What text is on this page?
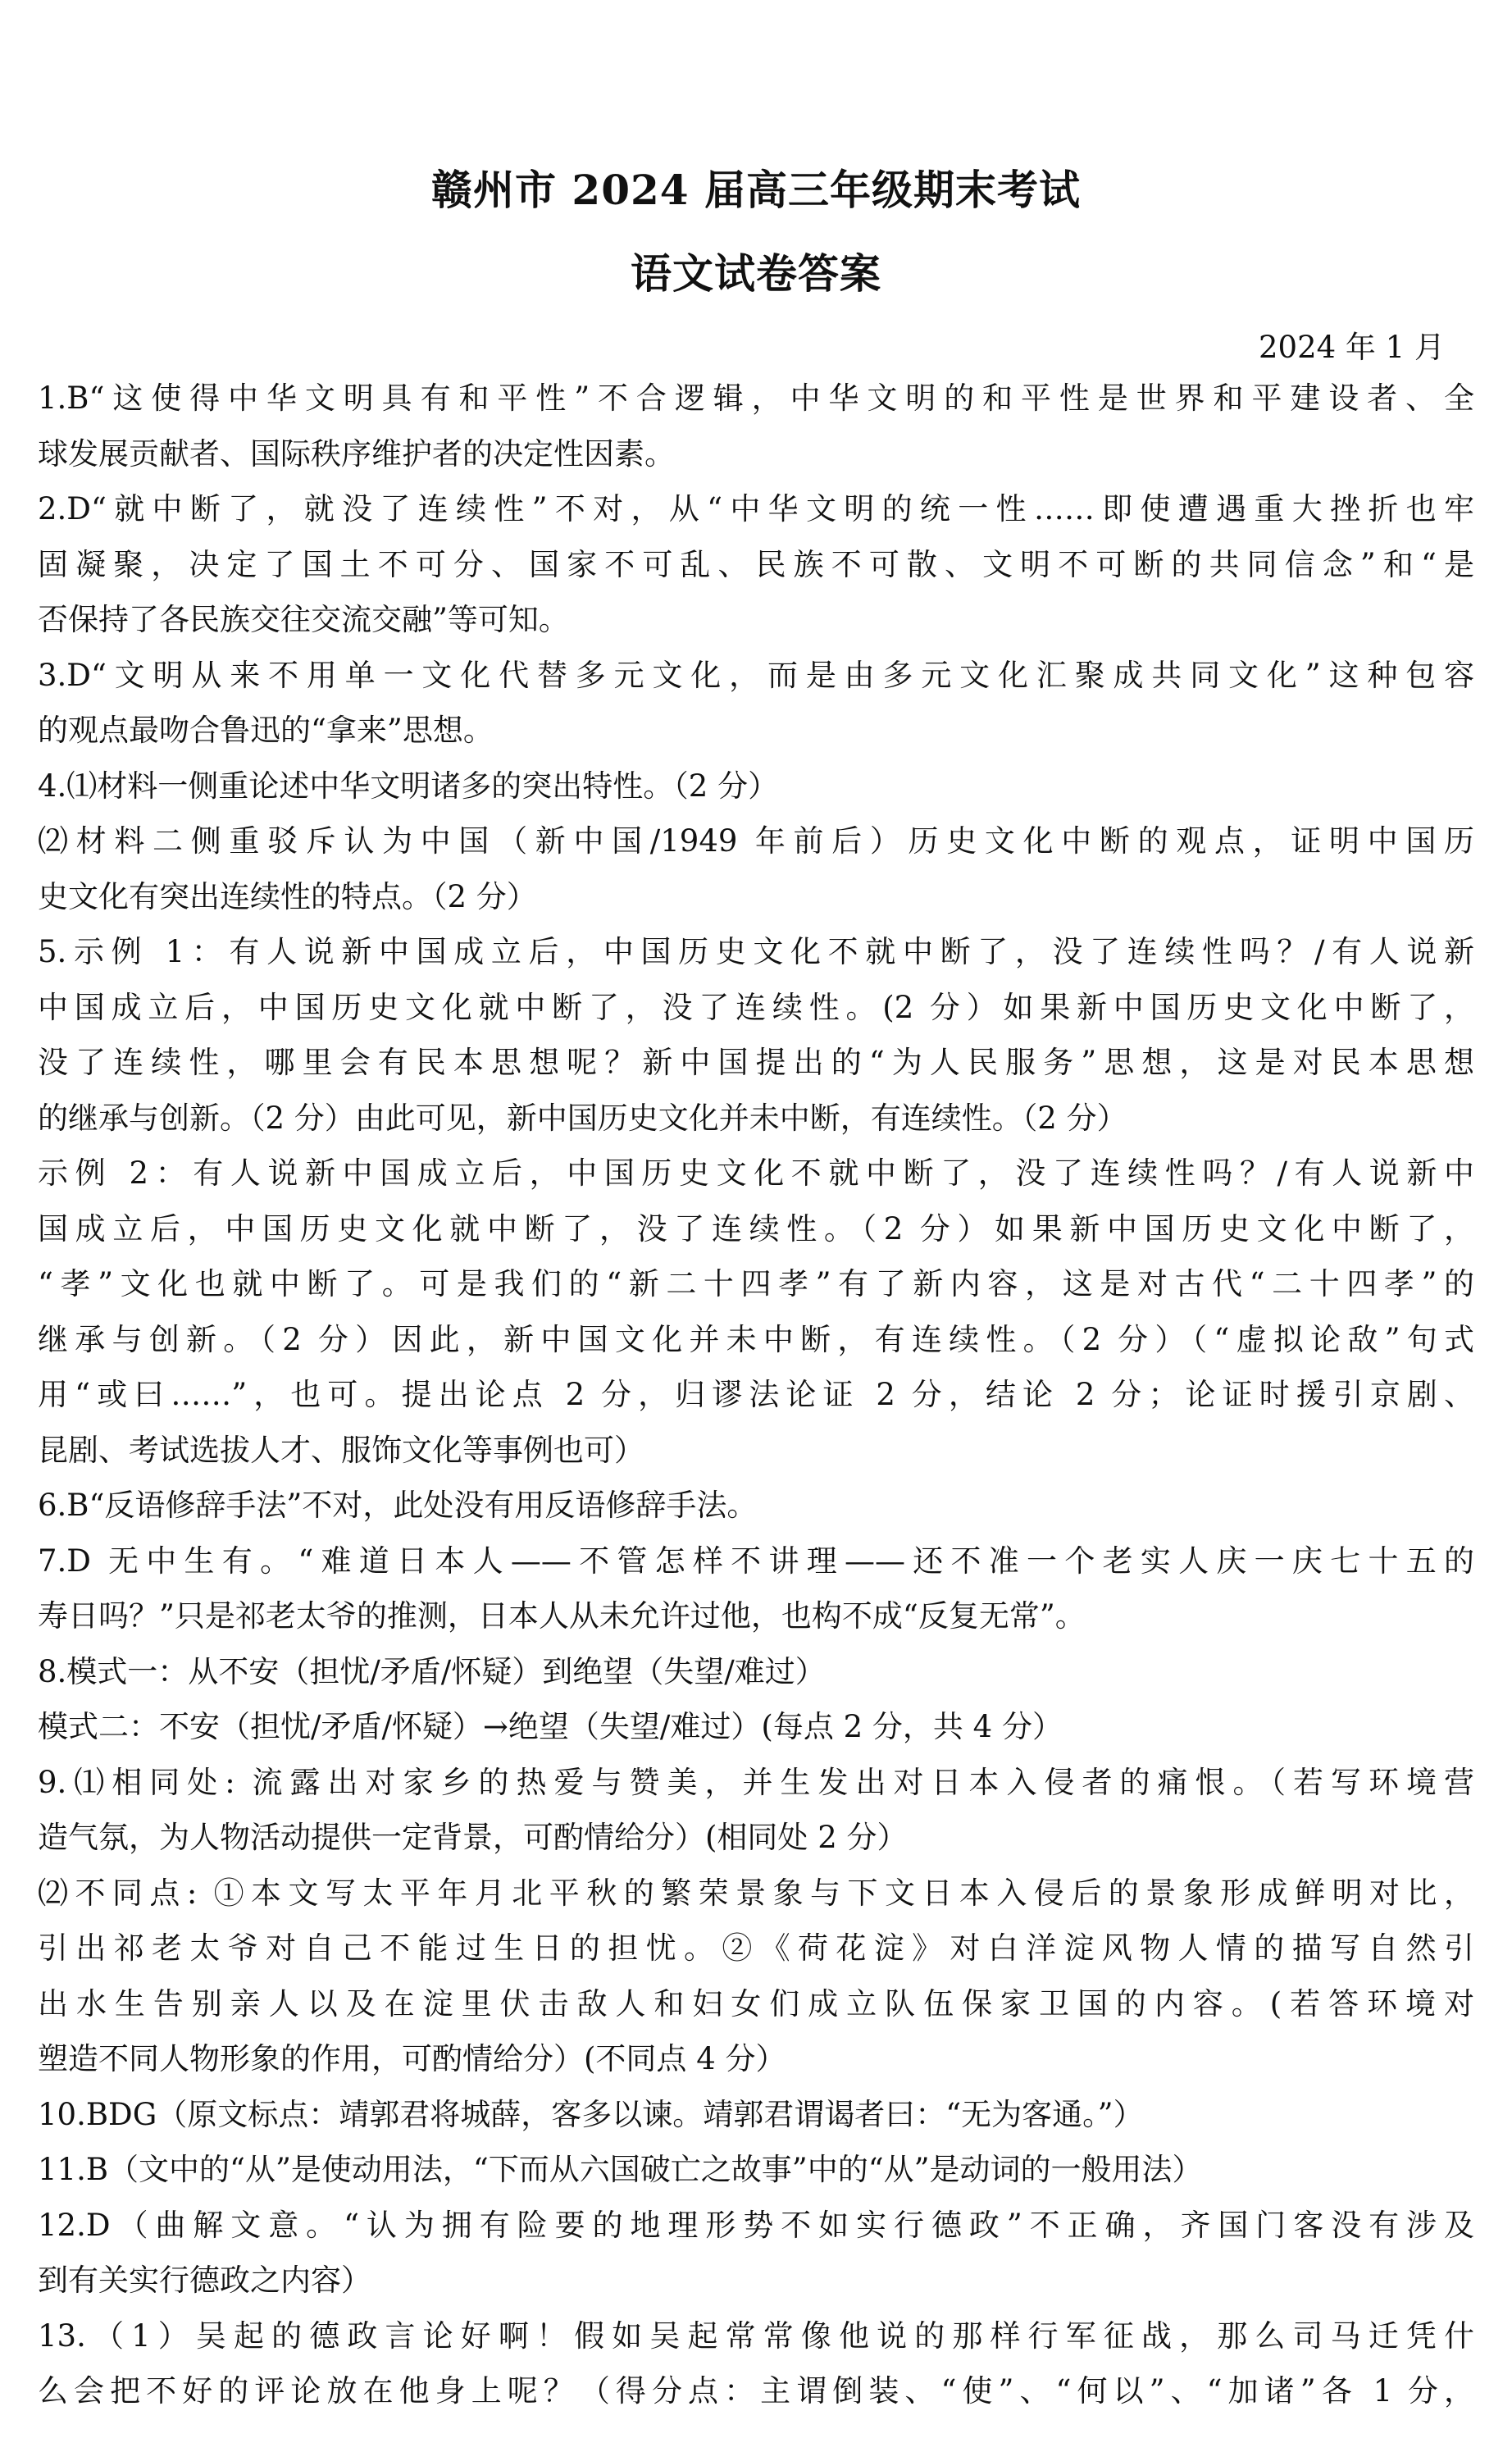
赣州市 2024 届高三年级期末考试
语文试卷答案
2024 年 1 月
1.B“这使得中华文明具有和平性”不合逻辑，中华文明的和平性是世界和平建设者、全
球发展贡献者、国际秩序维护者的决定性因素。
2.D“就中断了，就没了连续性”不对，从“中华文明的统一性……即使遭遇重大挫折也牢
固凝聚，决定了国土不可分、国家不可乱、民族不可散、文明不可断的共同信念”和“是
否保持了各民族交往交流交融”等可知。
3.D“文明从来不用单一文化代替多元文化，而是由多元文化汇聚成共同文化”这种包容
的观点最吻合鲁迅的“拿来”思想。
4.⑴材料一侧重论述中华文明诸多的突出特性。（2 分）
⑵材料二侧重驳斥认为中国（新中国/1949 年前后）历史文化中断的观点，证明中国历
史文化有突出连续性的特点。（2 分）
5.示例 1：有人说新中国成立后，中国历史文化不就中断了，没了连续性吗？/有人说新
中国成立后，中国历史文化就中断了，没了连续性。(2 分）如果新中国历史文化中断了，
没了连续性，哪里会有民本思想呢？新中国提出的“为人民服务”思想，这是对民本思想
的继承与创新。（2 分）由此可见，新中国历史文化并未中断，有连续性。（2 分）
示例 2：有人说新中国成立后，中国历史文化不就中断了，没了连续性吗？/有人说新中
国成立后，中国历史文化就中断了，没了连续性。（2 分）如果新中国历史文化中断了，
“孝”文化也就中断了。可是我们的“新二十四孝”有了新内容，这是对古代“二十四孝”的
继承与创新。（2 分）因此，新中国文化并未中断，有连续性。（2 分）（“虚拟论敌”句式
用“或曰……”，也可。提出论点 2 分，归谬法论证 2 分，结论 2 分；论证时援引京剧、
昆剧、考试选拔人才、服饰文化等事例也可）
6.B“反语修辞手法”不对，此处没有用反语修辞手法。
7.D 无中生有。“难道日本人——不管怎样不讲理——还不准一个老实人庆一庆七十五的
寿日吗？”只是祁老太爷的推测，日本人从未允许过他，也构不成“反复无常”。
8.模式一：从不安（担忧/矛盾/怀疑）到绝望（失望/难过）
模式二：不安（担忧/矛盾/怀疑）→绝望（失望/难过）(每点 2 分，共 4 分）
9.⑴相同处: 流露出对家乡的热爱与赞美，并生发出对日本入侵者的痛恨。（若写环境营
造气氛，为人物活动提供一定背景，可酌情给分）(相同处 2 分）
⑵不同点: ①本文写太平年月北平秋的繁荣景象与下文日本入侵后的景象形成鲜明对比，
引出祁老太爷对自己不能过生日的担忧。②《荷花淀》对白洋淀风物人情的描写自然引
出水生告别亲人以及在淀里伏击敌人和妇女们成立队伍保家卫国的内容。(若答环境对
塑造不同人物形象的作用，可酌情给分）(不同点 4 分）
10.BDG（原文标点：靖郭君将城薛，客多以谏。靖郭君谓谒者曰：“无为客通。”）
11.B（文中的“从”是使动用法，“下而从六国破亡之故事”中的“从”是动词的一般用法）
12.D（曲解文意。“认为拥有险要的地理形势不如实行德政”不正确，齐国门客没有涉及
到有关实行德政之内容）
13.（1）吴起的德政言论好啊！假如吴起常常像他说的那样行军征战，那么司马迁凭什
么会把不好的评论放在他身上呢？（得分点：主谓倒装、“使”、“何以”、“加诸”各 1 分，
